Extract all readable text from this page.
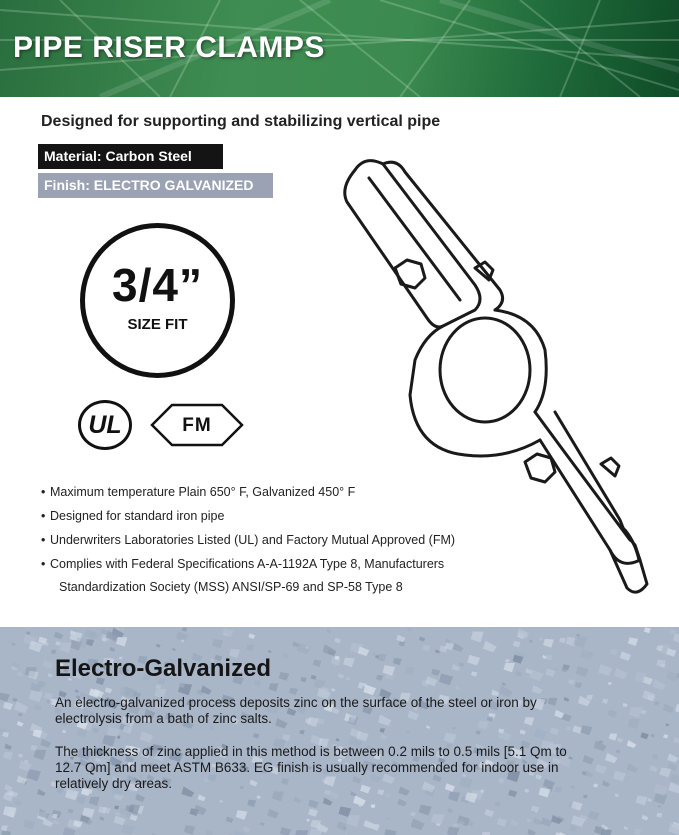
PIPE RISER CLAMPS

Designed for supporting and stabilizing vertical pipe

Material: Carbon Steel
Finish: ELECTRO GALVANIZED
3/4”
SIZE FIT
UL	FM
• Maximum temperature Plain 650° F, Galvanized 450° F
• Designed for standard iron pipe
• Underwriters Laboratories Listed (UL) and Factory Mutual Approved (FM)
• Complies with Federal Specifications A-A-1192A Type 8, Manufacturers
Standardization Society (MSS) ANSI/SP-69 and SP-58 Type 8
Electro-Galvanized

An electro-galvanized process deposits zinc on the surface of the steel or iron by electrolysis from a bath of zinc salts.

The thickness of zinc applied in this method is between 0.2 mils to 0.5 mils [5.1 Qm to 12.7 Qm] and meet ASTM B633. EG finish is usually recommended for indoor use in relatively dry areas.
